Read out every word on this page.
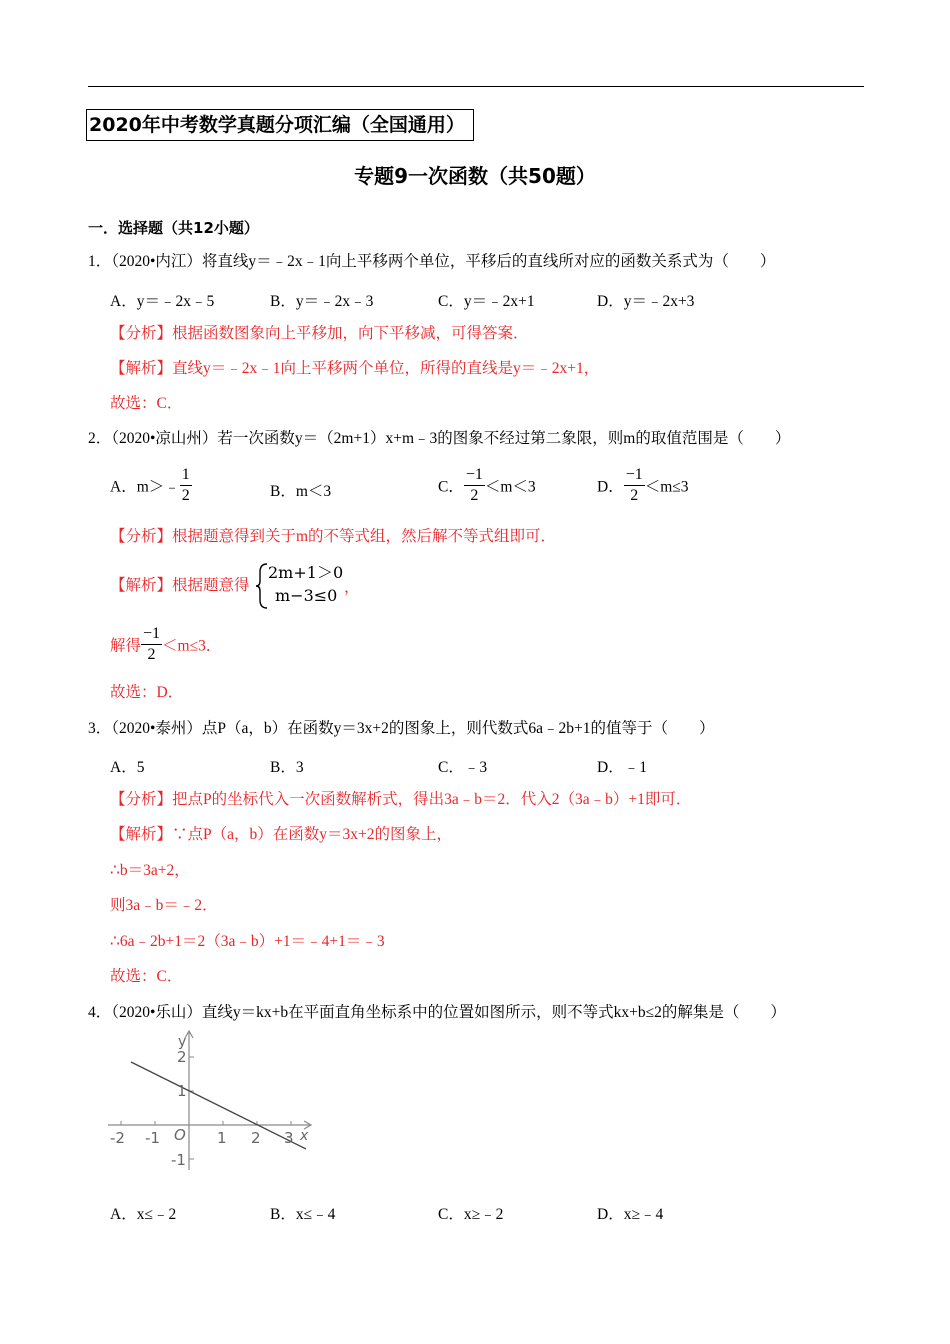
2020年中考数学真题分项汇编（全国通用）
专题9一次函数（共50题）
一．选择题（共12小题）
1．（2020•内江）将直线y＝﹣2x﹣1向上平移两个单位，平移后的直线所对应的函数关系式为（　　）
A．y＝﹣2x﹣5	B．y＝﹣2x﹣3	C．y＝﹣2x+1	D．y＝﹣2x+3
【分析】根据函数图象向上平移加，向下平移减，可得答案．
【解析】直线y＝﹣2x﹣1向上平移两个单位，所得的直线是y＝﹣2x+1，
故选：C．
2．（2020•凉山州）若一次函数y＝（2m+1）x+m﹣3的图象不经过第二象限，则m的取值范围是（　　）
A．m＞﹣ $\frac{1}{2}$	B．m＜3	C． $\frac{-1}{2} <m<3$	D． $\frac{-1}{2} <m\le 3$
【分析】根据题意得到关于m的不等式组，然后解不等式组即可．
【解析】根据题意得
2m+1＞0
m−3≤0 ，
解得 $\frac{-1}{2} <m\le 3$．
故选：D．
3．（2020•泰州）点P（a，b）在函数y＝3x+2的图象上，则代数式6a﹣2b+1的值等于（　　）
A．5	B．3	C．﹣3	D．﹣1
【分析】把点P的坐标代入一次函数解析式，得出3a﹣b＝2．代入2（3a﹣b）+1即可．
【解析】∵点P（a，b）在函数y＝3x+2的图象上，
∴b＝3a+2，
则3a﹣b＝﹣2．
∴6a﹣2b+1＝2（3a﹣b）+1＝﹣4+1＝﹣3
故选：C．
4．（2020•乐山）直线y＝kx+b在平面直角坐标系中的位置如图所示，则不等式kx+b≤2的解集是（　　）
y
x
O
-2 -1	1 2 3
2
1
-1
A．x≤﹣2	B．x≤﹣4	C．x≥﹣2	D．x≥﹣4
